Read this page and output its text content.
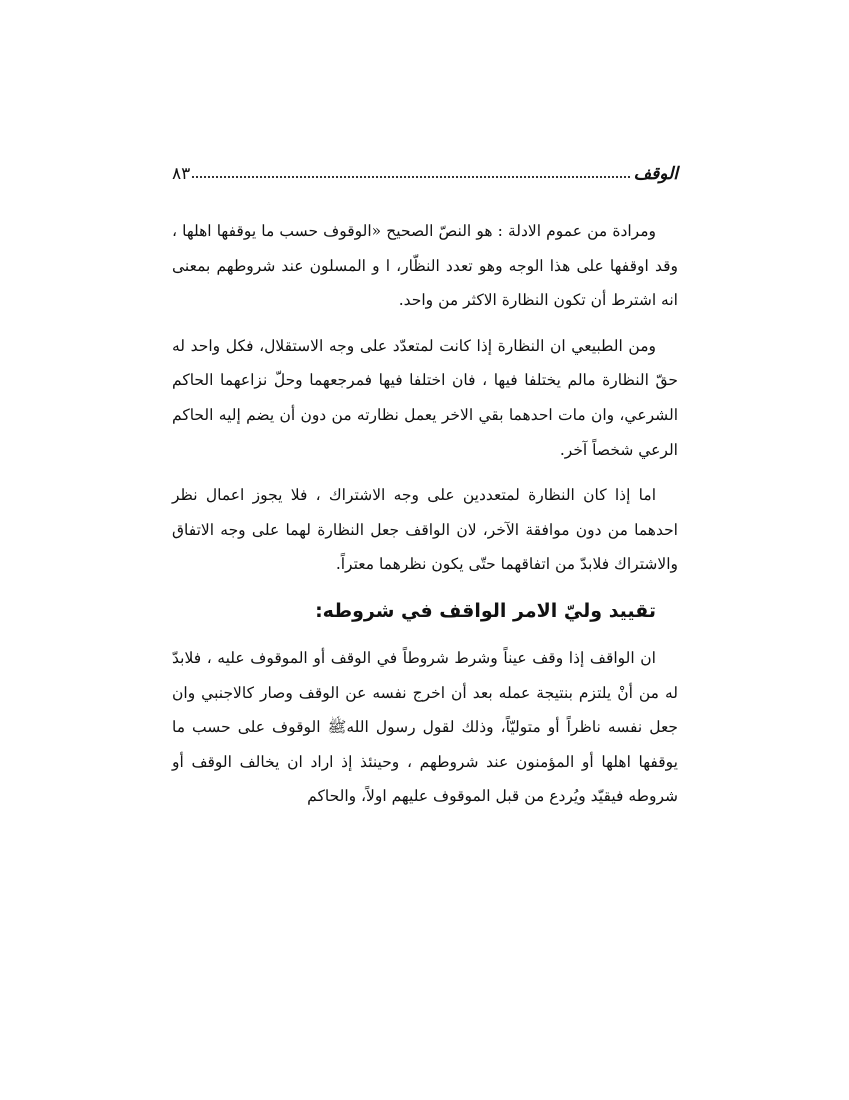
الوقف
٨٣

ومرادة من عموم الادلة : هو النصّ الصحيح «الوقوف حسب ما يوقفها اهلها ، وقد اوقفها على هذا الوجه وهو تعدد النظّار، ا و المسلون عند شروطهم بمعنى انه اشترط أن تكون النظارة الاكثر من واحد.

ومن الطبيعي ان النظارة إذا كانت لمتعدّد على وجه الاستقلال، فكل واحد له حقّ النظارة مالم يختلفا فيها ، فان اختلفا فيها فمرجعهما وحلّ نزاعهما الحاكم الشرعي، وان مات احدهما بقي الاخر يعمل نظارته من دون أن يضم إليه الحاكم الرعي شخصاً آخر.

اما إذا كان النظارة لمتعددين على وجه الاشتراك ، فلا يجوز اعمال نظر احدهما من دون موافقة الآخر، لان الواقف جعل النظارة لهما على وجه الاتفاق والاشتراك فلابدّ من اتفاقهما حتّى يكون نظرهما معتراً.

تقييد وليّ الامر الواقف في شروطه:

ان الواقف إذا وقف عيناً وشرط شروطاً في الوقف أو الموقوف عليه ، فلابدّ له من أنْ يلتزم بنتيجة عمله بعد أن اخرج نفسه عن الوقف وصار كالاجنبي وان جعل نفسه ناظراً أو متوليّاً، وذلك لقول رسول اللهﷺ الوقوف على حسب ما يوقفها اهلها أو المؤمنون عند شروطهم ، وحينئذ إذ اراد ان يخالف الوقف أو شروطه فيقيّد ويُردع من قبل الموقوف عليهم اولاً، والحاكم
